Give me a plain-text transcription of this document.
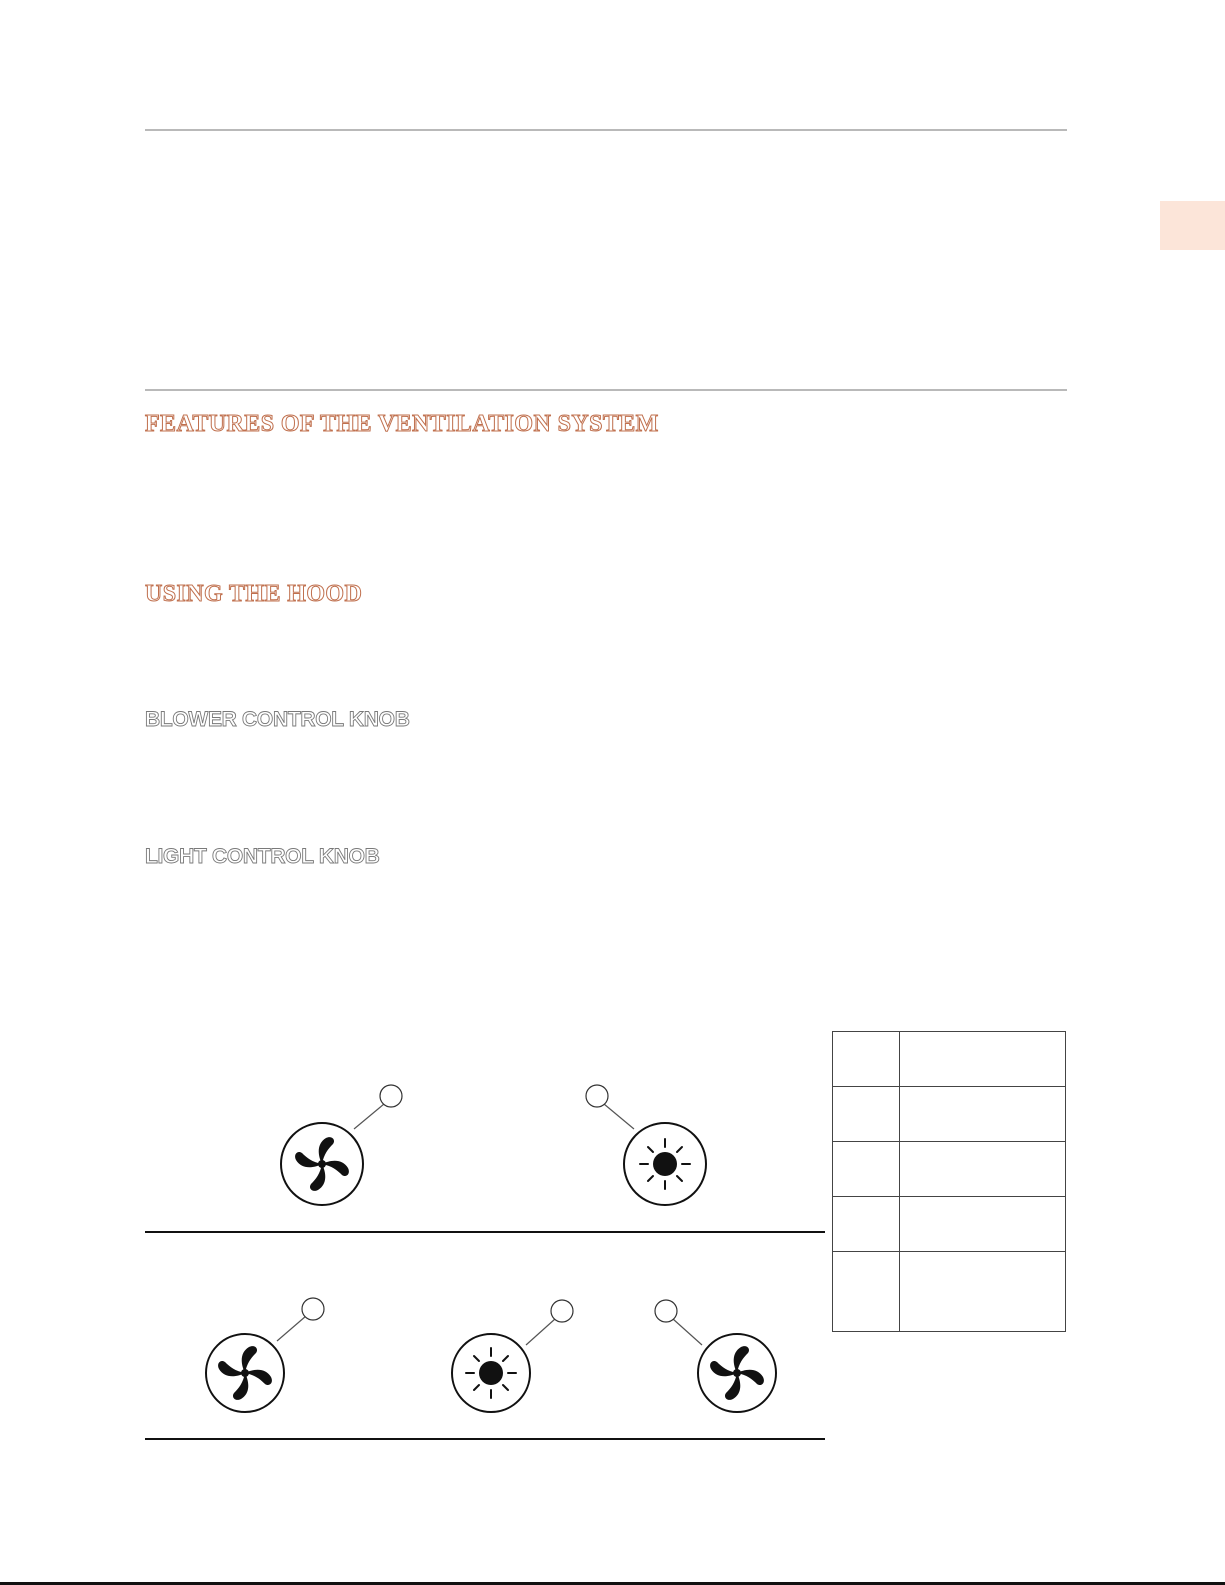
FEATURES OF THE VENTILATION SYSTEM
USING THE HOOD
BLOWER CONTROL KNOB
LIGHT CONTROL KNOB
